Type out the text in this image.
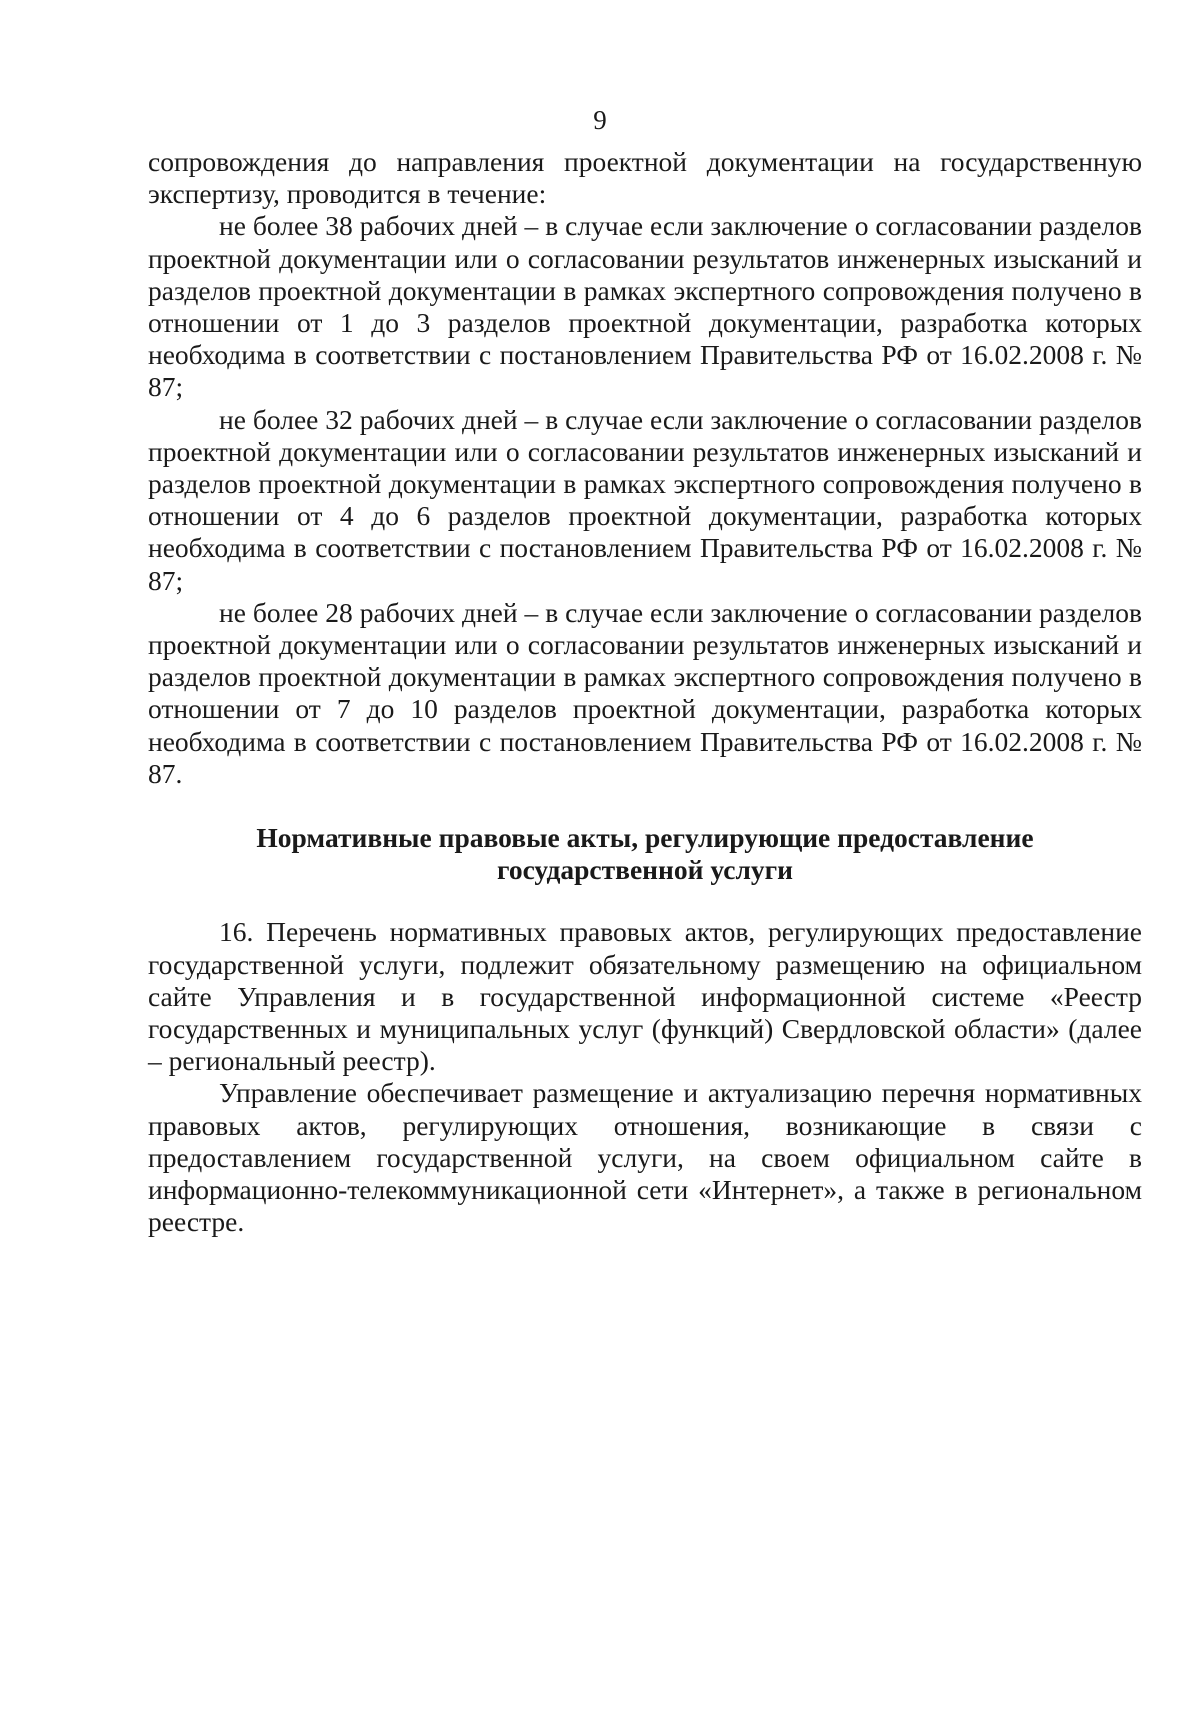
9

сопровождения до направления проектной документации на государственную экспертизу, проводится в течение:

не более 38 рабочих дней – в случае если заключение о согласовании разделов проектной документации или о согласовании результатов инженерных изысканий и разделов проектной документации в рамках экспертного сопровождения получено в отношении от 1 до 3 разделов проектной документации, разработка которых необходима в соответствии с постановлением Правительства РФ от 16.02.2008 г. № 87;

не более 32 рабочих дней – в случае если заключение о согласовании разделов проектной документации или о согласовании результатов инженерных изысканий и разделов проектной документации в рамках экспертного сопровождения получено в отношении от 4 до 6 разделов проектной документации, разработка которых необходима в соответствии с постановлением Правительства РФ от 16.02.2008 г. № 87;

не более 28 рабочих дней – в случае если заключение о согласовании разделов проектной документации или о согласовании результатов инженерных изысканий и разделов проектной документации в рамках экспертного сопровождения получено в отношении от 7 до 10 разделов проектной документации, разработка которых необходима в соответствии с постановлением Правительства РФ от 16.02.2008 г. № 87.

Нормативные правовые акты, регулирующие предоставление государственной услуги

16. Перечень нормативных правовых актов, регулирующих предоставление государственной услуги, подлежит обязательному размещению на официальном сайте Управления и в государственной информационной системе «Реестр государственных и муниципальных услуг (функций) Свердловской области» (далее – региональный реестр).

Управление обеспечивает размещение и актуализацию перечня нормативных правовых актов, регулирующих отношения, возникающие в связи с предоставлением государственной услуги, на своем официальном сайте в информационно-телекоммуникационной сети «Интернет», а также в региональном реестре.
